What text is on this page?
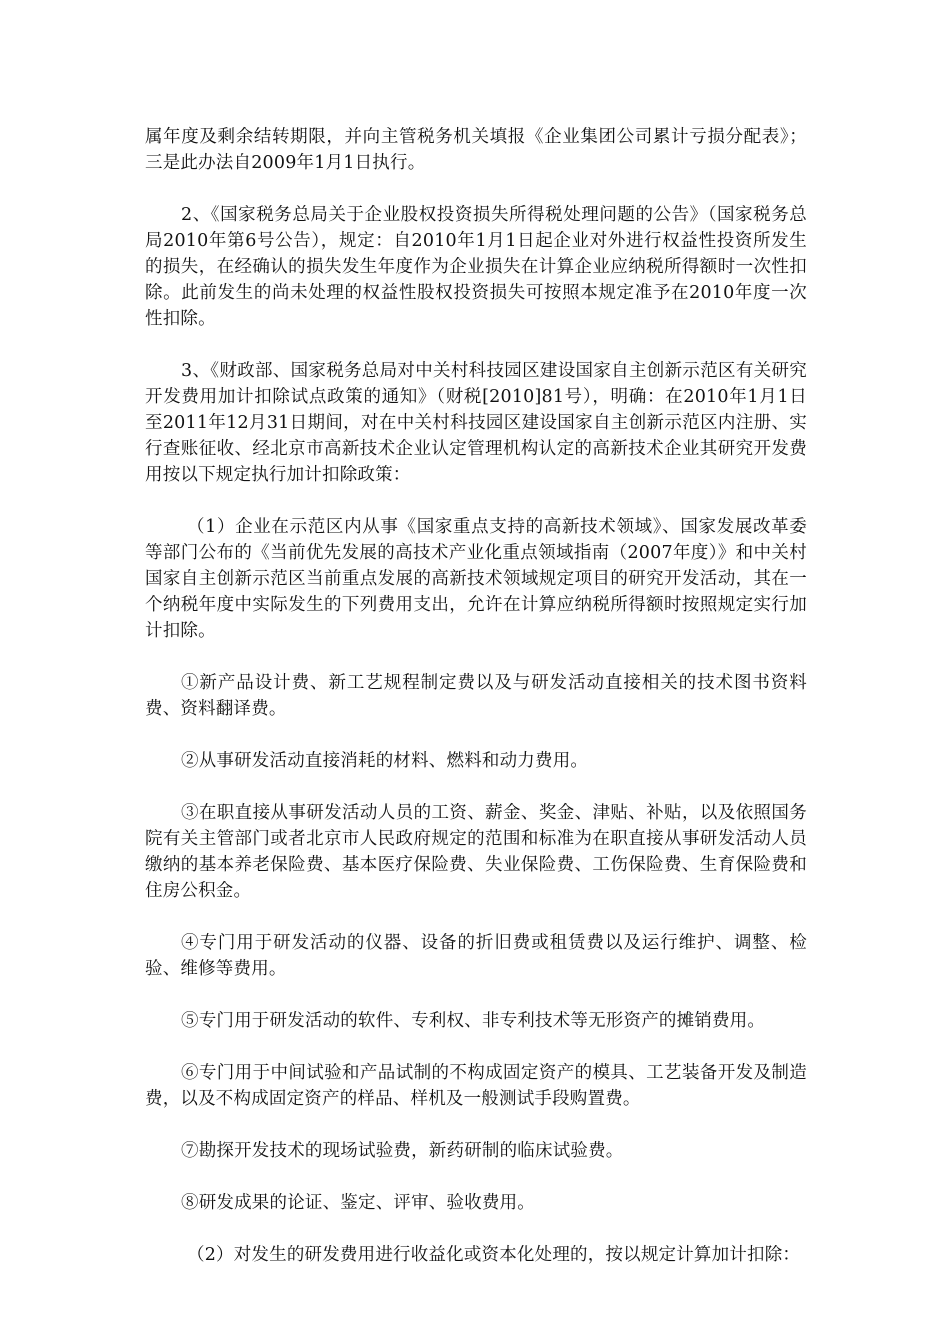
属年度及剩余结转期限，并向主管税务机关填报《企业集团公司累计亏损分配表》；三是此办法自2009年1月1日执行。

2、《国家税务总局关于企业股权投资损失所得税处理问题的公告》（国家税务总局2010年第6号公告），规定：自2010年1月1日起企业对外进行权益性投资所发生的损失，在经确认的损失发生年度作为企业损失在计算企业应纳税所得额时一次性扣除。此前发生的尚未处理的权益性股权投资损失可按照本规定准予在2010年度一次性扣除。

3、《财政部、国家税务总局对中关村科技园区建设国家自主创新示范区有关研究开发费用加计扣除试点政策的通知》（财税[2010]81号），明确：在2010年1月1日至2011年12月31日期间，对在中关村科技园区建设国家自主创新示范区内注册、实行查账征收、经北京市高新技术企业认定管理机构认定的高新技术企业其研究开发费用按以下规定执行加计扣除政策：

（1）企业在示范区内从事《国家重点支持的高新技术领域》、国家发展改革委等部门公布的《当前优先发展的高技术产业化重点领域指南（2007年度）》和中关村国家自主创新示范区当前重点发展的高新技术领域规定项目的研究开发活动，其在一个纳税年度中实际发生的下列费用支出，允许在计算应纳税所得额时按照规定实行加计扣除。

①新产品设计费、新工艺规程制定费以及与研发活动直接相关的技术图书资料费、资料翻译费。

②从事研发活动直接消耗的材料、燃料和动力费用。

③在职直接从事研发活动人员的工资、薪金、奖金、津贴、补贴，以及依照国务院有关主管部门或者北京市人民政府规定的范围和标准为在职直接从事研发活动人员缴纳的基本养老保险费、基本医疗保险费、失业保险费、工伤保险费、生育保险费和住房公积金。

④专门用于研发活动的仪器、设备的折旧费或租赁费以及运行维护、调整、检验、维修等费用。

⑤专门用于研发活动的软件、专利权、非专利技术等无形资产的摊销费用。

⑥专门用于中间试验和产品试制的不构成固定资产的模具、工艺装备开发及制造费，以及不构成固定资产的样品、样机及一般测试手段购置费。

⑦勘探开发技术的现场试验费，新药研制的临床试验费。

⑧研发成果的论证、鉴定、评审、验收费用。

（2）对发生的研发费用进行收益化或资本化处理的，按以规定计算加计扣除：
